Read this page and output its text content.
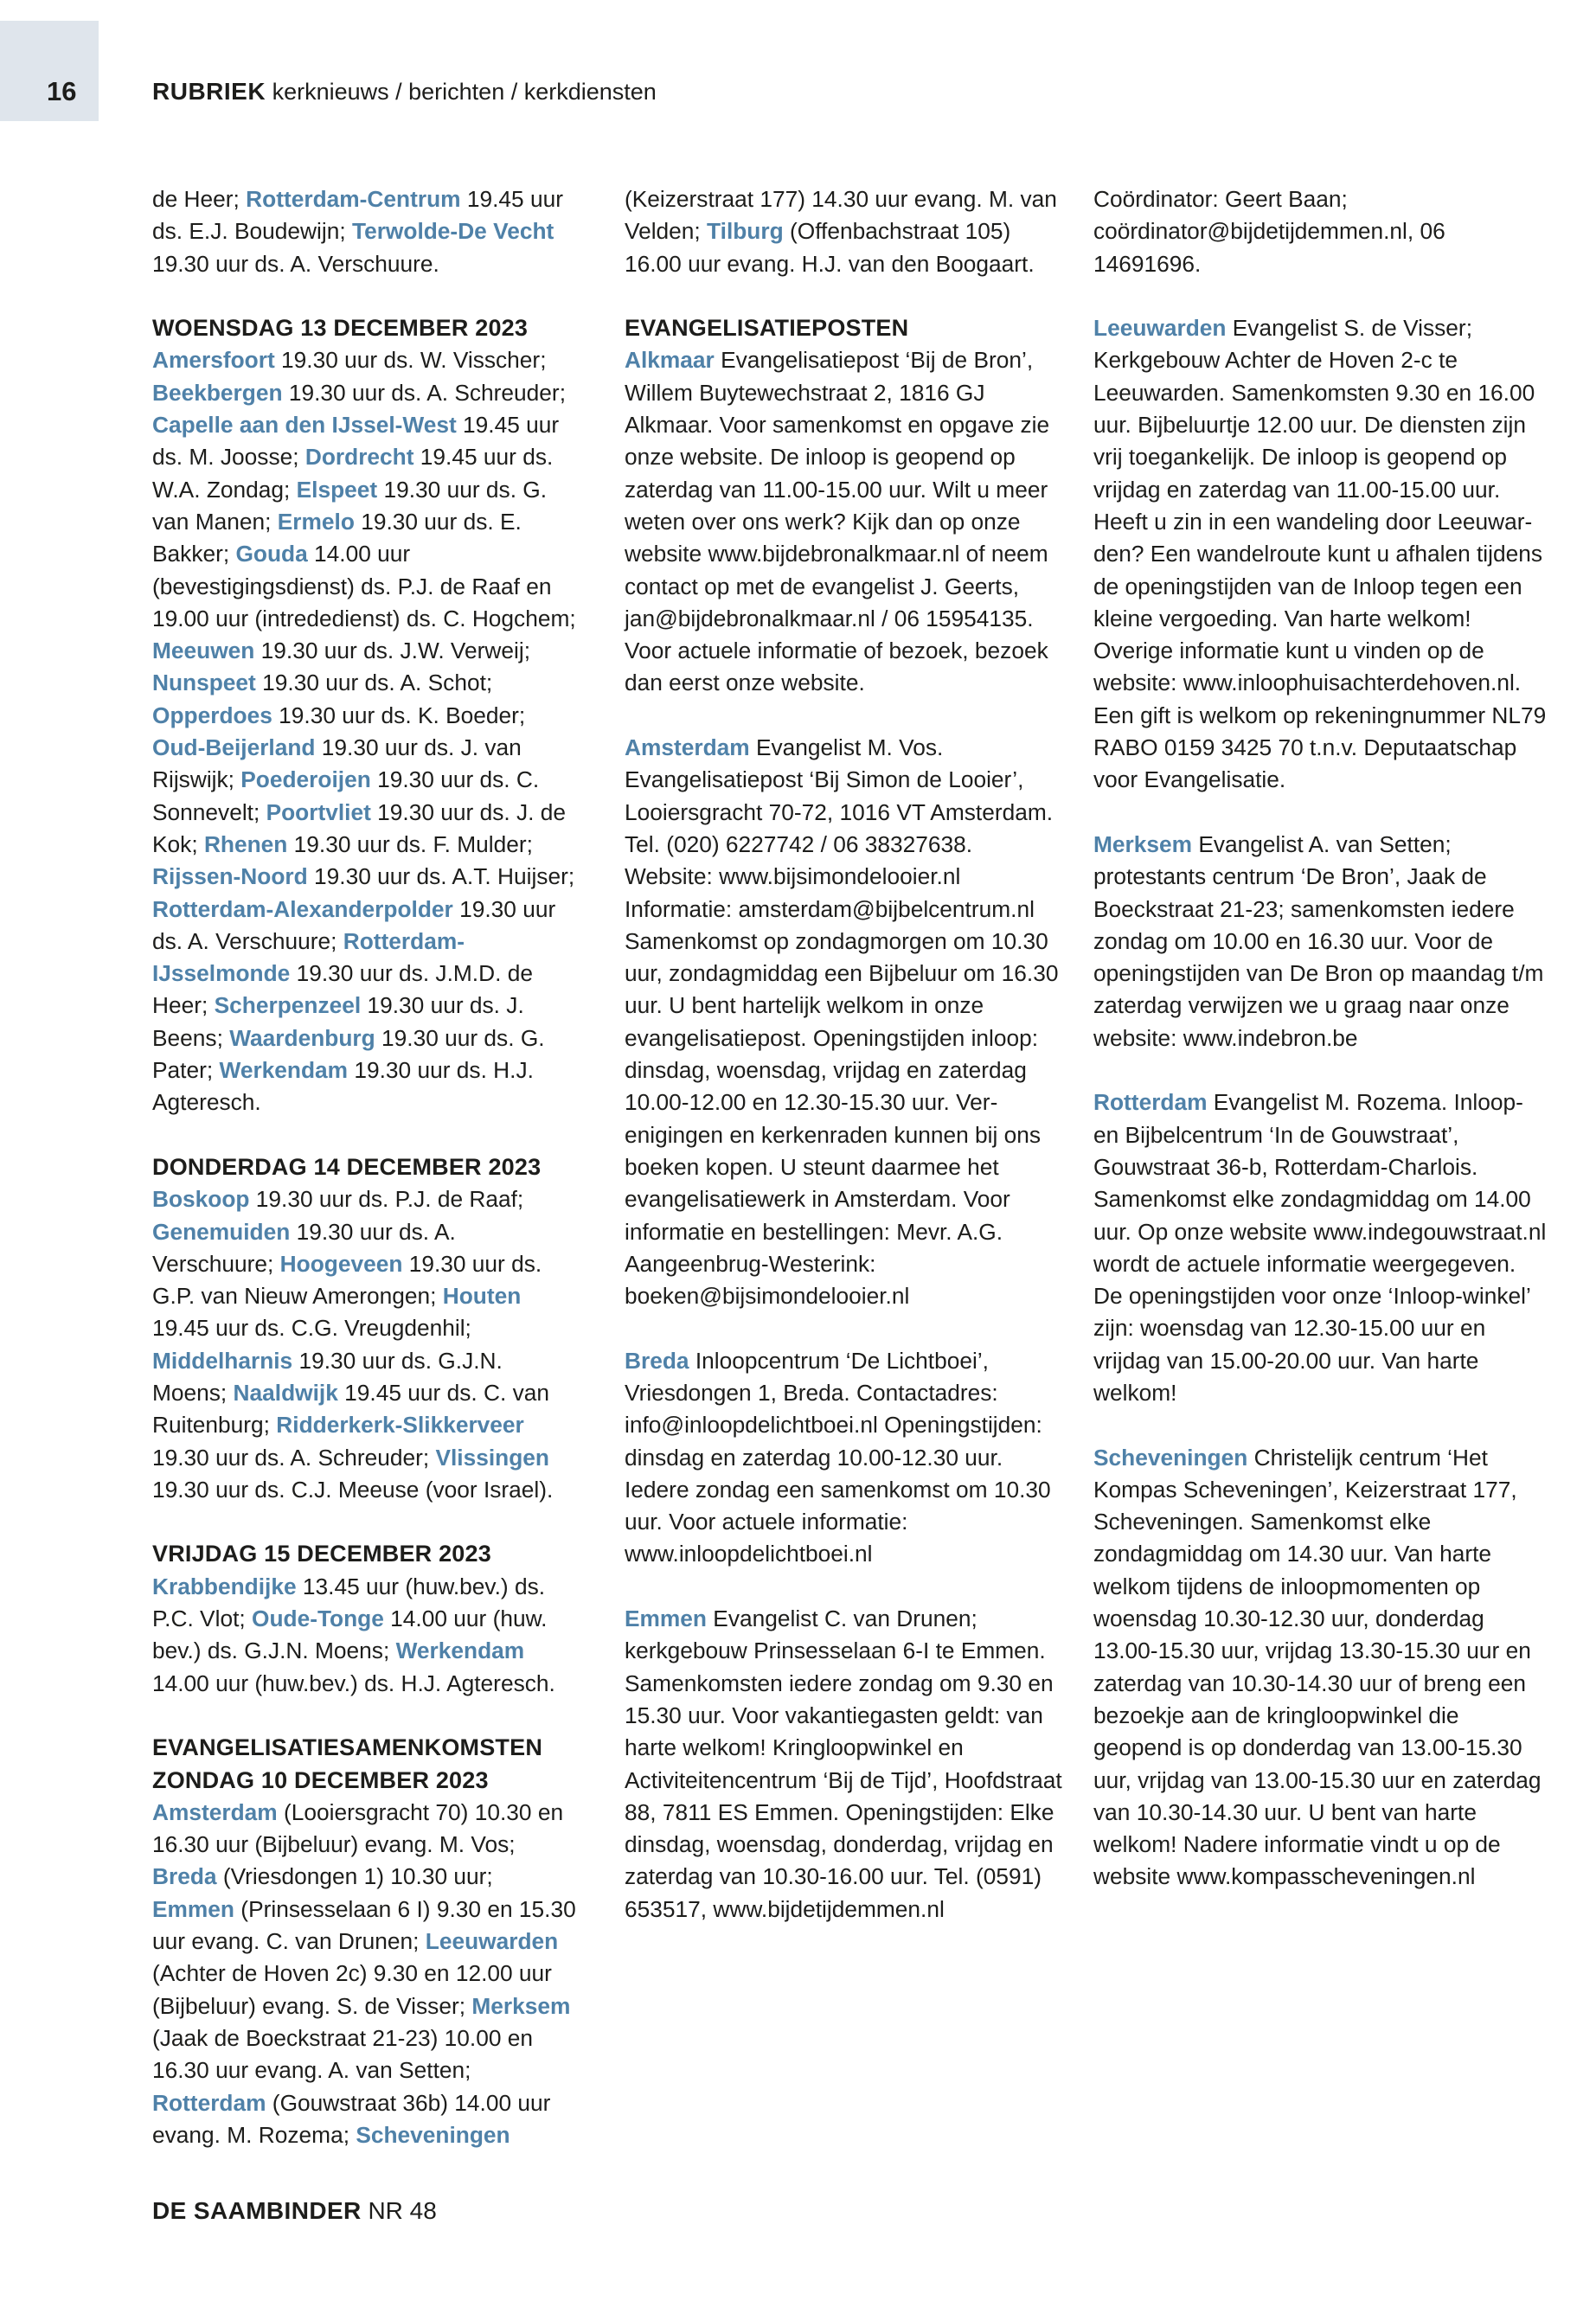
16	RUBRIEK kerknieuws / berichten / kerkdiensten

de Heer; Rotterdam-Centrum 19.45 uur ds. E.J. Boudewijn; Terwolde-De Vecht 19.30 uur ds. A. Verschuure.

WOENSDAG 13 DECEMBER 2023

Amersfoort 19.30 uur ds. W. Visscher; Beekbergen 19.30 uur ds. A. Schreuder; Capelle aan den IJssel-West 19.45 uur ds. M. Joosse; Dordrecht 19.45 uur ds. W.A. Zondag; Elspeet 19.30 uur ds. G. van Manen; Ermelo 19.30 uur ds. E. Bakker; Gouda 14.00 uur (bevestigingsdienst) ds. P.J. de Raaf en 19.00 uur (intrededienst) ds. C. Hogchem; Meeuwen 19.30 uur ds. J.W. Verweij; Nunspeet 19.30 uur ds. A. Schot; Opperdoes 19.30 uur ds. K. Boeder; Oud-Beijerland 19.30 uur ds. J. van Rijswijk; Poederoijen 19.30 uur ds. C. Sonnevelt; Poortvliet 19.30 uur ds. J. de Kok; Rhenen 19.30 uur ds. F. Mulder; Rijssen-Noord 19.30 uur ds. A.T. Huijser; Rotterdam-Alexanderpolder 19.30 uur ds. A. Verschuure; Rotterdam-IJsselmonde 19.30 uur ds. J.M.D. de Heer; Scherpenzeel 19.30 uur ds. J. Beens; Waardenburg 19.30 uur ds. G. Pater; Werkendam 19.30 uur ds. H.J. Agteresch.

DONDERDAG 14 DECEMBER 2023

Boskoop 19.30 uur ds. P.J. de Raaf; Genemuiden 19.30 uur ds. A. Verschuure; Hoogeveen 19.30 uur ds. G.P. van Nieuw Amerongen; Houten 19.45 uur ds. C.G. Vreugdenhil; Middelharnis 19.30 uur ds. G.J.N. Moens; Naaldwijk 19.45 uur ds. C. van Ruitenburg; Ridderkerk-Slikkerveer 19.30 uur ds. A. Schreuder; Vlissingen 19.30 uur ds. C.J. Meeuse (voor Israel).

VRIJDAG 15 DECEMBER 2023

Krabbendijke 13.45 uur (huw.bev.) ds. P.C. Vlot; Oude-Tonge 14.00 uur (huw. bev.) ds. G.J.N. Moens; Werkendam 14.00 uur (huw.bev.) ds. H.J. Agteresch.

EVANGELISATIESAMENKOMSTEN
ZONDAG 10 DECEMBER 2023

Amsterdam (Looiersgracht 70) 10.30 en 16.30 uur (Bijbeluur) evang. M. Vos; Breda (Vriesdongen 1) 10.30 uur; Emmen (Prinsesselaan 6 I) 9.30 en 15.30 uur evang. C. van Drunen; Leeuwarden (Achter de Hoven 2c) 9.30 en 12.00 uur (Bijbeluur) evang. S. de Visser; Merksem (Jaak de Boeckstraat 21-23) 10.00 en 16.30 uur evang. A. van Setten; Rotterdam (Gouwstraat 36b) 14.00 uur evang. M. Rozema; Scheveningen

(Keizerstraat 177) 14.30 uur evang. M. van Velden; Tilburg (Offenbachstraat 105) 16.00 uur evang. H.J. van den Boogaart.

EVANGELISATIEPOSTEN

Alkmaar Evangelisatiepost ‘Bij de Bron’, Willem Buytewechstraat 2, 1816 GJ Alkmaar. Voor samenkomst en opgave zie onze website. De inloop is geopend op zaterdag van 11.00-15.00 uur. Wilt u meer weten over ons werk? Kijk dan op onze website www.bijdebronalkmaar.nl of neem contact op met de evangelist J. Geerts, jan@bijdebronalkmaar.nl / 06 15954135. Voor actuele informatie of bezoek, bezoek dan eerst onze website.

Amsterdam Evangelist M. Vos. Evangelisatiepost ‘Bij Simon de Looier’, Looiersgracht 70-72, 1016 VT Amsterdam. Tel. (020) 6227742 / 06 38327638. Website: www.bijsimondelooier.nl Informatie: amsterdam@bijbelcentrum.nl Samenkomst op zondagmorgen om 10.30 uur, zondagmiddag een Bijbeluur om 16.30 uur. U bent hartelijk welkom in onze evangelisatiepost. Openingstijden inloop: dinsdag, woensdag, vrijdag en zaterdag 10.00-12.00 en 12.30-15.30 uur. Verenigingen en kerkenraden kunnen bij ons boeken kopen. U steunt daarmee het evangelisatiewerk in Amsterdam. Voor informatie en bestellingen: Mevr. A.G. Aangeenbrug-Westerink: boeken@bijsimondelooier.nl

Breda Inloopcentrum ‘De Lichtboei’, Vriesdongen 1, Breda. Contactadres: info@inloopdelichtboei.nl Openingstijden: dinsdag en zaterdag 10.00-12.30 uur. Iedere zondag een samenkomst om 10.30 uur. Voor actuele informatie: www.inloopdelichtboei.nl

Emmen Evangelist C. van Drunen; kerkgebouw Prinsesselaan 6-I te Emmen. Samenkomsten iedere zondag om 9.30 en 15.30 uur. Voor vakantiegasten geldt: van harte welkom! Kringloopwinkel en Activiteitencentrum ‘Bij de Tijd’, Hoofdstraat 88, 7811 ES Emmen. Openingstijden: Elke dinsdag, woensdag, donderdag, vrijdag en zaterdag van 10.30-16.00 uur. Tel. (0591) 653517, www.bijdetijdemmen.nl

Coördinator: Geert Baan; coördinator@bijdetijdemmen.nl, 06 14691696.

Leeuwarden Evangelist S. de Visser; Kerkgebouw Achter de Hoven 2-c te Leeuwarden. Samenkomsten 9.30 en 16.00 uur. Bijbeluurtje 12.00 uur. De diensten zijn vrij toegankelijk. De inloop is geopend op vrijdag en zaterdag van 11.00-15.00 uur. Heeft u zin in een wandeling door Leeuwarden? Een wandelroute kunt u afhalen tijdens de openingstijden van de Inloop tegen een kleine vergoeding. Van harte welkom! Overige informatie kunt u vinden op de website: www.inloophuisachterdehoven.nl. Een gift is welkom op rekeningnummer NL79 RABO 0159 3425 70 t.n.v. Deputaatschap voor Evangelisatie.

Merksem Evangelist A. van Setten; protestants centrum ‘De Bron’, Jaak de Boeckstraat 21-23; samenkomsten iedere zondag om 10.00 en 16.30 uur. Voor de openingstijden van De Bron op maandag t/m zaterdag verwijzen we u graag naar onze website: www.indebron.be

Rotterdam Evangelist M. Rozema. Inloop- en Bijbelcentrum ‘In de Gouwstraat’, Gouwstraat 36-b, Rotterdam-Charlois. Samenkomst elke zondagmiddag om 14.00 uur. Op onze website www.indegouwstraat.nl wordt de actuele informatie weergegeven. De openingstijden voor onze ‘Inloop-winkel’ zijn: woensdag van 12.30-15.00 uur en vrijdag van 15.00-20.00 uur. Van harte welkom!

Scheveningen Christelijk centrum ‘Het Kompas Scheveningen’, Keizerstraat 177, Scheveningen. Samenkomst elke zondagmiddag om 14.30 uur. Van harte welkom tijdens de inloopmomenten op woensdag 10.30-12.30 uur, donderdag 13.00-15.30 uur, vrijdag 13.30-15.30 uur en zaterdag van 10.30-14.30 uur of breng een bezoekje aan de kringloopwinkel die geopend is op donderdag van 13.00-15.30 uur, vrijdag van 13.00-15.30 uur en zaterdag van 10.30-14.30 uur. U bent van harte welkom! Nadere informatie vindt u op de website www.kompasscheveningen.nl

DE SAAMBINDER NR 48
